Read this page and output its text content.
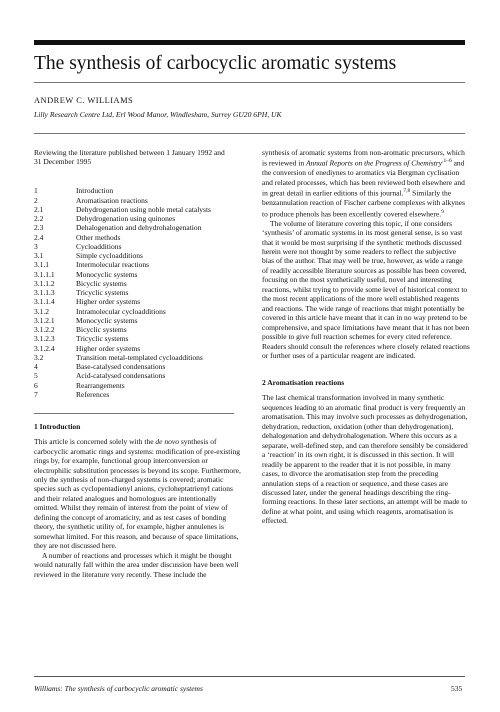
The synthesis of carbocyclic aromatic systems
ANDREW C. WILLIAMS
Lilly Research Centre Ltd, Erl Wood Manor, Windlesham, Surrey GU20 6PH, UK

Reviewing the literature published between 1 January 1992 and 31 December 1995

1	Introduction
2	Aromatisation reactions
2.1	Dehydrogenation using noble metal catalysts
2.2	Dehydrogenation using quinones
2.3	Dehalogenation and dehydrohalogenation
2.4	Other methods
3	Cycloadditions
3.1	Simple cycloadditions
3.1.1	Intermolecular reactions
3.1.1.1	Monocyclic systems
3.1.1.2	Bicyclic systems
3.1.1.3	Tricyclic systems
3.1.1.4	Higher order systems
3.1.2	Intramolecular cycloadditions
3.1.2.1	Monocyclic systems
3.1.2.2	Bicyclic systems
3.1.2.3	Tricyclic systems
3.1.2.4	Higher order systems
3.2	Transition metal-templated cycloadditions
4	Base-catalysed condensations
5	Acid-catalysed condensations
6	Rearrangements
7	References

1 Introduction

This article is concerned solely with the de novo synthesis of carbocyclic aromatic rings and systems: modification of pre-existing rings by, for example, functional group interconversion or electrophilic substitution processes is beyond its scope. Furthermore, only the synthesis of non-charged systems is covered; aromatic species such as cyclopentadienyl anions, cycloheptatrienyl cations and their related analogues and homologues are intentionally omitted. Whilst they remain of interest from the point of view of defining the concept of aromaticity, and as test cases of bonding theory, the synthetic utility of, for example, higher annulenes is somewhat limited. For this reason, and because of space limitations, they are not discussed here.

A number of reactions and processes which it might be thought would naturally fall within the area under discussion have been well reviewed in the literature very recently. These include the

synthesis of aromatic systems from non-aromatic precursors, which is reviewed in Annual Reports on the Progress of Chemistry$^{,1-6}$ and the conversion of enediynes to aromatics via Bergman cyclisation and related processes, which has been reviewed both elsewhere and in great detail in earlier editions of this journal.$^{7,8}$ Similarly the benzannulation reaction of Fischer carbene complexes with alkynes to produce phenols has been excellently covered elsewhere.$^9$

The volume of literature covering this topic, if one considers ‘synthesis’ of aromatic systems in its most general sense, is so vast that it would be most surprising if the synthetic methods discussed herein were not thought by some readers to reflect the subjective bias of the author. That may well be true, however, as wide a range of readily accessible literature sources as possible has been covered, focusing on the most synthetically useful, novel and interesting reactions, whilst trying to provide some level of historical context to the most recent applications of the more well established reagents and reactions. The wide range of reactions that might potentially be covered in this article have meant that it can in no way pretend to be comprehensive, and space limitations have meant that it has not been possible to give full reaction schemes for every cited reference. Readers should consult the references where closely related reactions or further uses of a particular reagent are indicated.

2 Aromatisation reactions

The last chemical transformation involved in many synthetic sequences leading to an aromatic final product is very frequently an aromatisation. This may involve such processes as dehydrogenation, dehydration, reduction, oxidation (other than dehydrogenation), dehalogenation and dehydrohalogenation. Where this occurs as a separate, well-defined step, and can therefore sensibly be considered a ‘reaction’ in its own right, it is discussed in this section. It will readily be apparent to the reader that it is not possible, in many cases, to divorce the aromatisation step from the preceding annulation steps of a reaction or sequence, and these cases are discussed later, under the general headings describing the ring-forming reactions. In these later sections, an attempt will be made to define at what point, and using which reagents, aromatisation is effected.

Williams: The synthesis of carbocyclic aromatic systems	535
